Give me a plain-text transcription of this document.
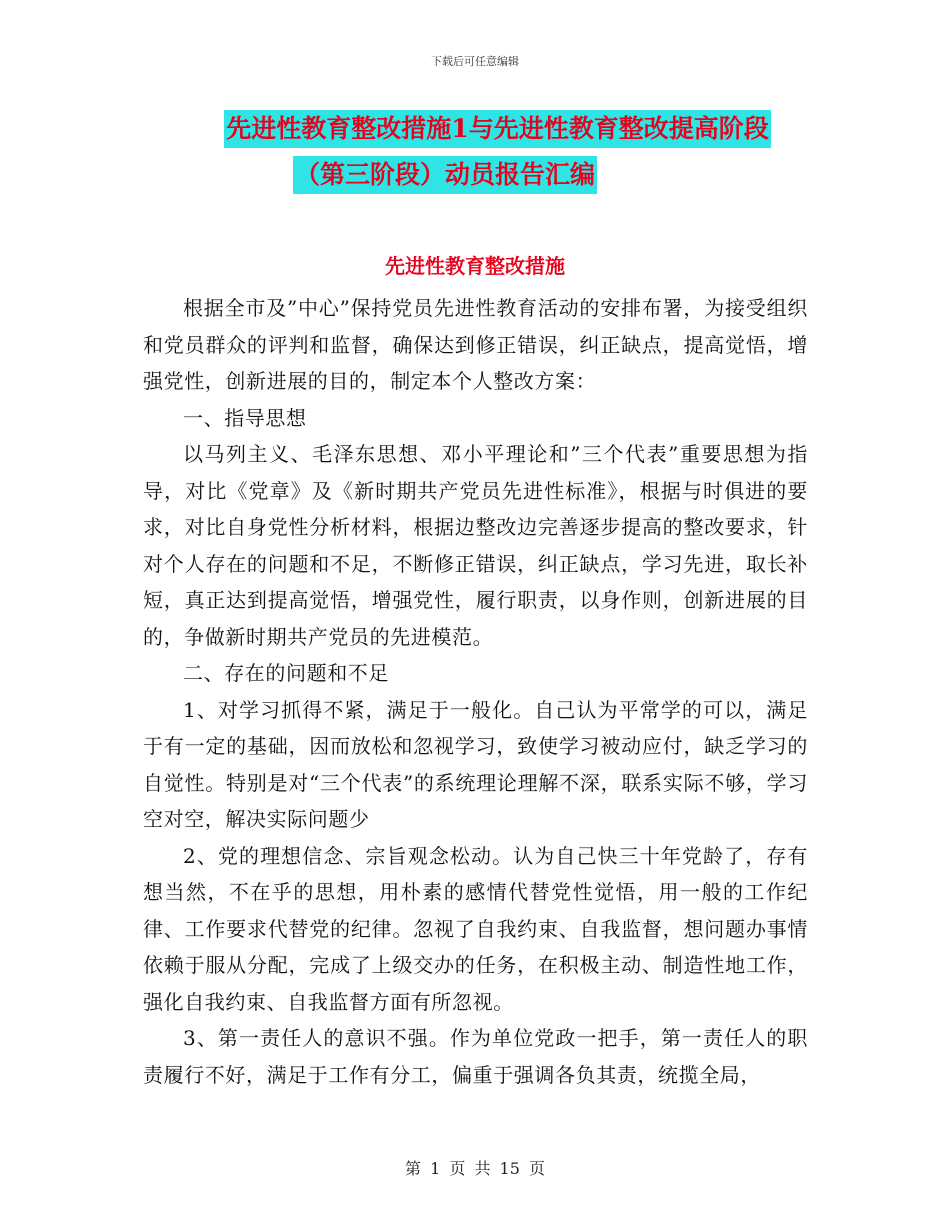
下载后可任意编辑
先进性教育整改措施1与先进性教育整改提高阶段
（第三阶段）动员报告汇编
先进性教育整改措施

根据全市及”中心”保持党员先进性教育活动的安排布署，为接受组织和党员群众的评判和监督，确保达到修正错误，纠正缺点，提高觉悟，增强党性，创新进展的目的，制定本个人整改方案：

一、指导思想

以马列主义、毛泽东思想、邓小平理论和”三个代表”重要思想为指导，对比《党章》及《新时期共产党员先进性标准》，根据与时俱进的要求，对比自身党性分析材料，根据边整改边完善逐步提高的整改要求，针对个人存在的问题和不足，不断修正错误，纠正缺点，学习先进，取长补短，真正达到提高觉悟，增强党性，履行职责，以身作则，创新进展的目的，争做新时期共产党员的先进模范。

二、存在的问题和不足

1、对学习抓得不紧，满足于一般化。自己认为平常学的可以，满足于有一定的基础，因而放松和忽视学习，致使学习被动应付，缺乏学习的自觉性。特别是对“三个代表”的系统理论理解不深，联系实际不够，学习空对空，解决实际问题少

2、党的理想信念、宗旨观念松动。认为自己快三十年党龄了，存有想当然，不在乎的思想，用朴素的感情代替党性觉悟，用一般的工作纪律、工作要求代替党的纪律。忽视了自我约束、自我监督，想问题办事情依赖于服从分配，完成了上级交办的任务，在积极主动、制造性地工作，强化自我约束、自我监督方面有所忽视。

3、第一责任人的意识不强。作为单位党政一把手，第一责任人的职责履行不好，满足于工作有分工，偏重于强调各负其责，统揽全局，

第 1 页 共 15 页
